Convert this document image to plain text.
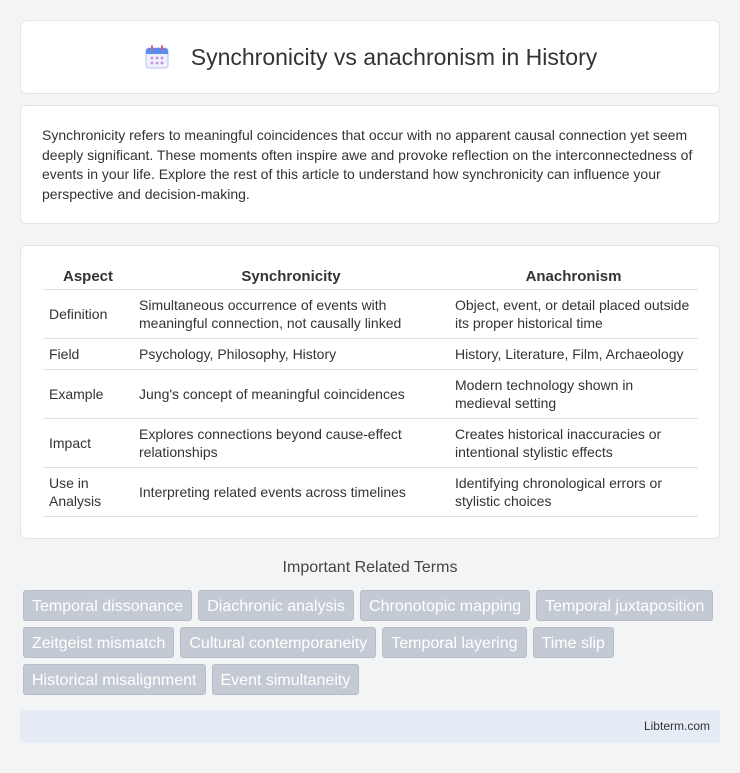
Synchronicity vs anachronism in History

Synchronicity refers to meaningful coincidences that occur with no apparent causal connection yet seem deeply significant. These moments often inspire awe and provoke reflection on the interconnectedness of events in your life. Explore the rest of this article to understand how synchronicity can influence your perspective and decision-making.

Aspect	Synchronicity	Anachronism
Definition	Simultaneous occurrence of events with meaningful connection, not causally linked	Object, event, or detail placed outside its proper historical time
Field	Psychology, Philosophy, History	History, Literature, Film, Archaeology
Example	Jung's concept of meaningful coincidences	Modern technology shown in medieval setting
Impact	Explores connections beyond cause-effect relationships	Creates historical inaccuracies or intentional stylistic effects
Use in Analysis	Interpreting related events across timelines	Identifying chronological errors or stylistic choices
Important Related Terms
Temporal dissonance	Diachronic analysis	Chronotopic mapping	Temporal juxtaposition
Zeitgeist mismatch	Cultural contemporaneity	Temporal layering	Time slip
Historical misalignment	Event simultaneity
Libterm.com
